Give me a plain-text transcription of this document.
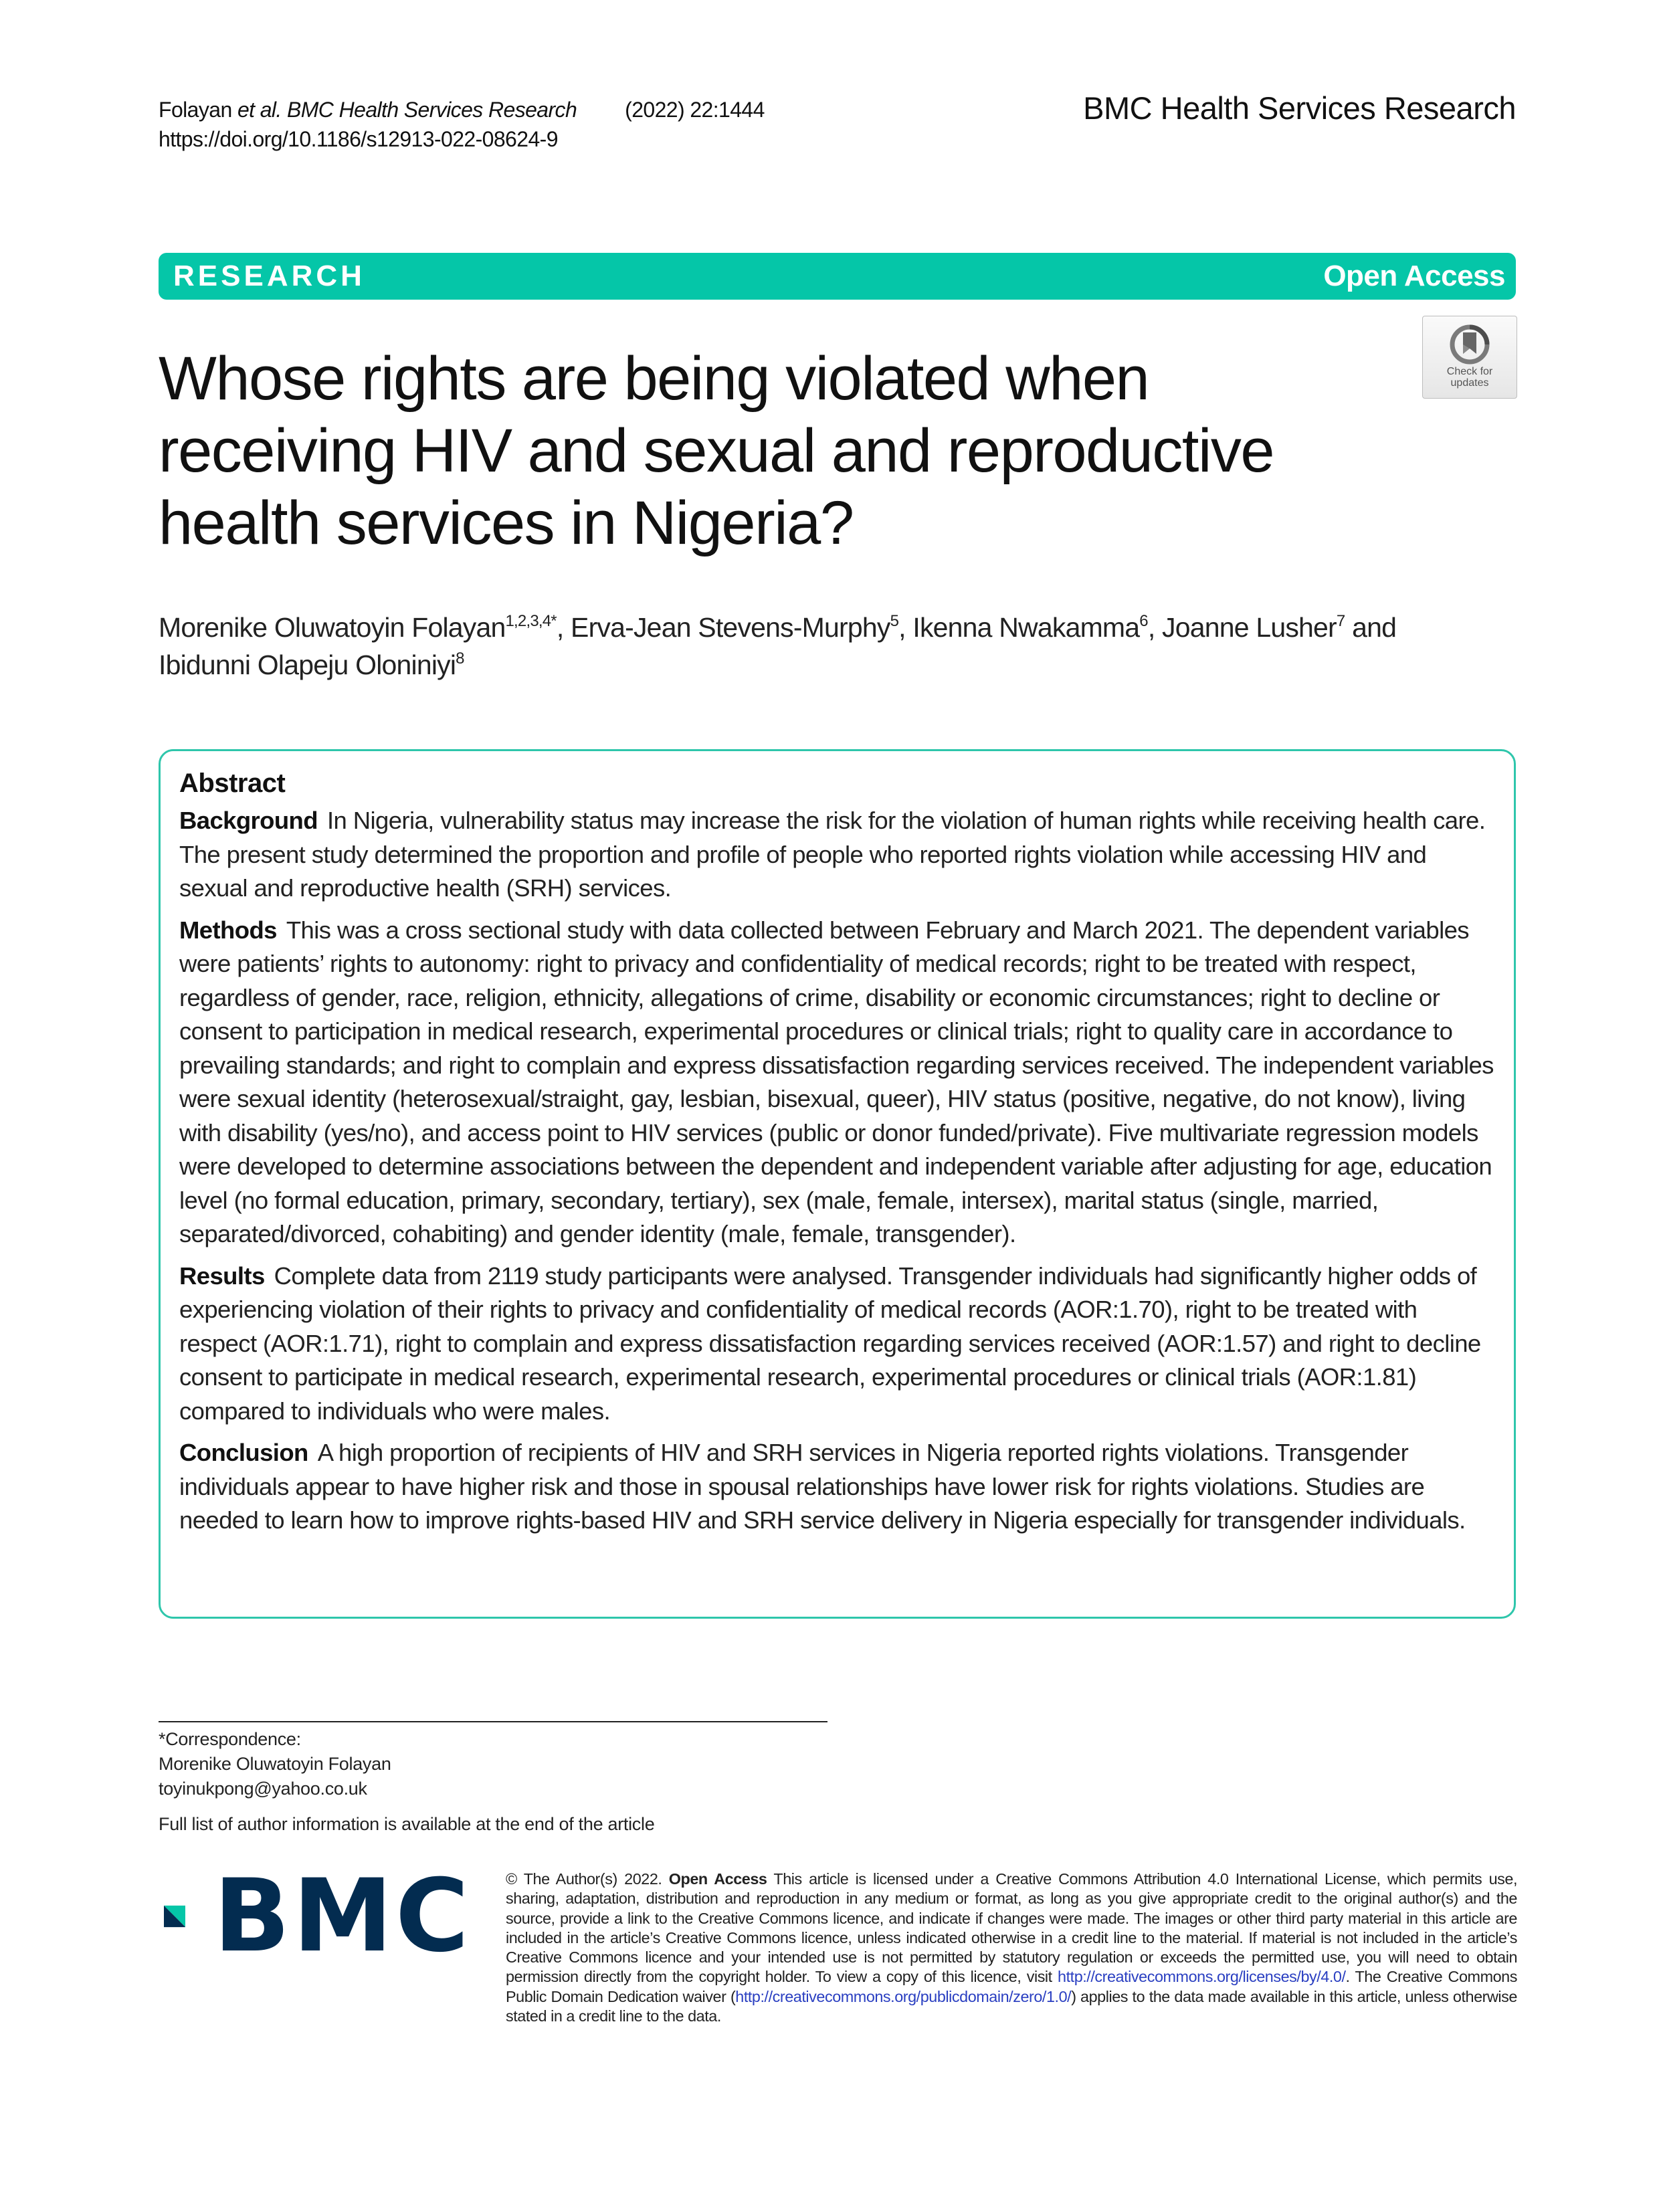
Folayan et al. BMC Health Services Research (2022) 22:1444
https://doi.org/10.1186/s12913-022-08624-9
BMC Health Services Research
RESEARCH	Open Access
Check for
updates
Whose rights are being violated when receiving HIV and sexual and reproductive health services in Nigeria?
Morenike Oluwatoyin Folayan$^{1,2,3,4*}$, Erva-Jean Stevens-Murphy$^5$, Ikenna Nwakamma$^6$, Joanne Lusher$^7$ and
Ibidunni Olapeju Oloniniyi$^8$
Abstract

Background In Nigeria, vulnerability status may increase the risk for the violation of human rights while receiving health care. The present study determined the proportion and profile of people who reported rights violation while accessing HIV and sexual and reproductive health (SRH) services.

Methods This was a cross sectional study with data collected between February and March 2021. The dependent variables were patients’ rights to autonomy: right to privacy and confidentiality of medical records; right to be treated with respect, regardless of gender, race, religion, ethnicity, allegations of crime, disability or economic circumstances; right to decline or consent to participation in medical research, experimental procedures or clinical trials; right to quality care in accordance to prevailing standards; and right to complain and express dissatisfaction regarding services received. The independent variables were sexual identity (heterosexual/straight, gay, lesbian, bisexual, queer), HIV status (positive, negative, do not know), living with disability (yes/no), and access point to HIV services (public or donor funded/private). Five multivariate regression models were developed to determine associations between the dependent and independent variable after adjusting for age, education level (no formal education, primary, secondary, tertiary), sex (male, female, intersex), marital status (single, married, separated/divorced, cohabiting) and gender identity (male, female, transgender).

Results Complete data from 2119 study participants were analysed. Transgender individuals had significantly higher odds of experiencing violation of their rights to privacy and confidentiality of medical records (AOR:1.70), right to be treated with respect (AOR:1.71), right to complain and express dissatisfaction regarding services received (AOR:1.57) and right to decline consent to participate in medical research, experimental research, experimental procedures or clinical trials (AOR:1.81) compared to individuals who were males.

Conclusion A high proportion of recipients of HIV and SRH services in Nigeria reported rights violations. Transgender individuals appear to have higher risk and those in spousal relationships have lower risk for rights violations. Studies are needed to learn how to improve rights-based HIV and SRH service delivery in Nigeria especially for transgender individuals.

*Correspondence:
Morenike Oluwatoyin Folayan
toyinukpong@yahoo.co.uk
Full list of author information is available at the end of the article
BMC © The Author(s) 2022. Open Access This article is licensed under a Creative Commons Attribution 4.0 International License, which permits use, sharing, adaptation, distribution and reproduction in any medium or format, as long as you give appropriate credit to the original author(s) and the source, provide a link to the Creative Commons licence, and indicate if changes were made. The images or other third party material in this article are included in the article’s Creative Commons licence, unless indicated otherwise in a credit line to the material. If material is not included in the article’s Creative Commons licence and your intended use is not permitted by statutory regulation or exceeds the permitted use, you will need to obtain permission directly from the copyright holder. To view a copy of this licence, visit http://creativecommons.org/licenses/by/4.0/. The Creative Commons Public Domain Dedication waiver (http://creativecommons.org/publicdomain/zero/1.0/) applies to the data made available in this article, unless otherwise stated in a credit line to the data.
